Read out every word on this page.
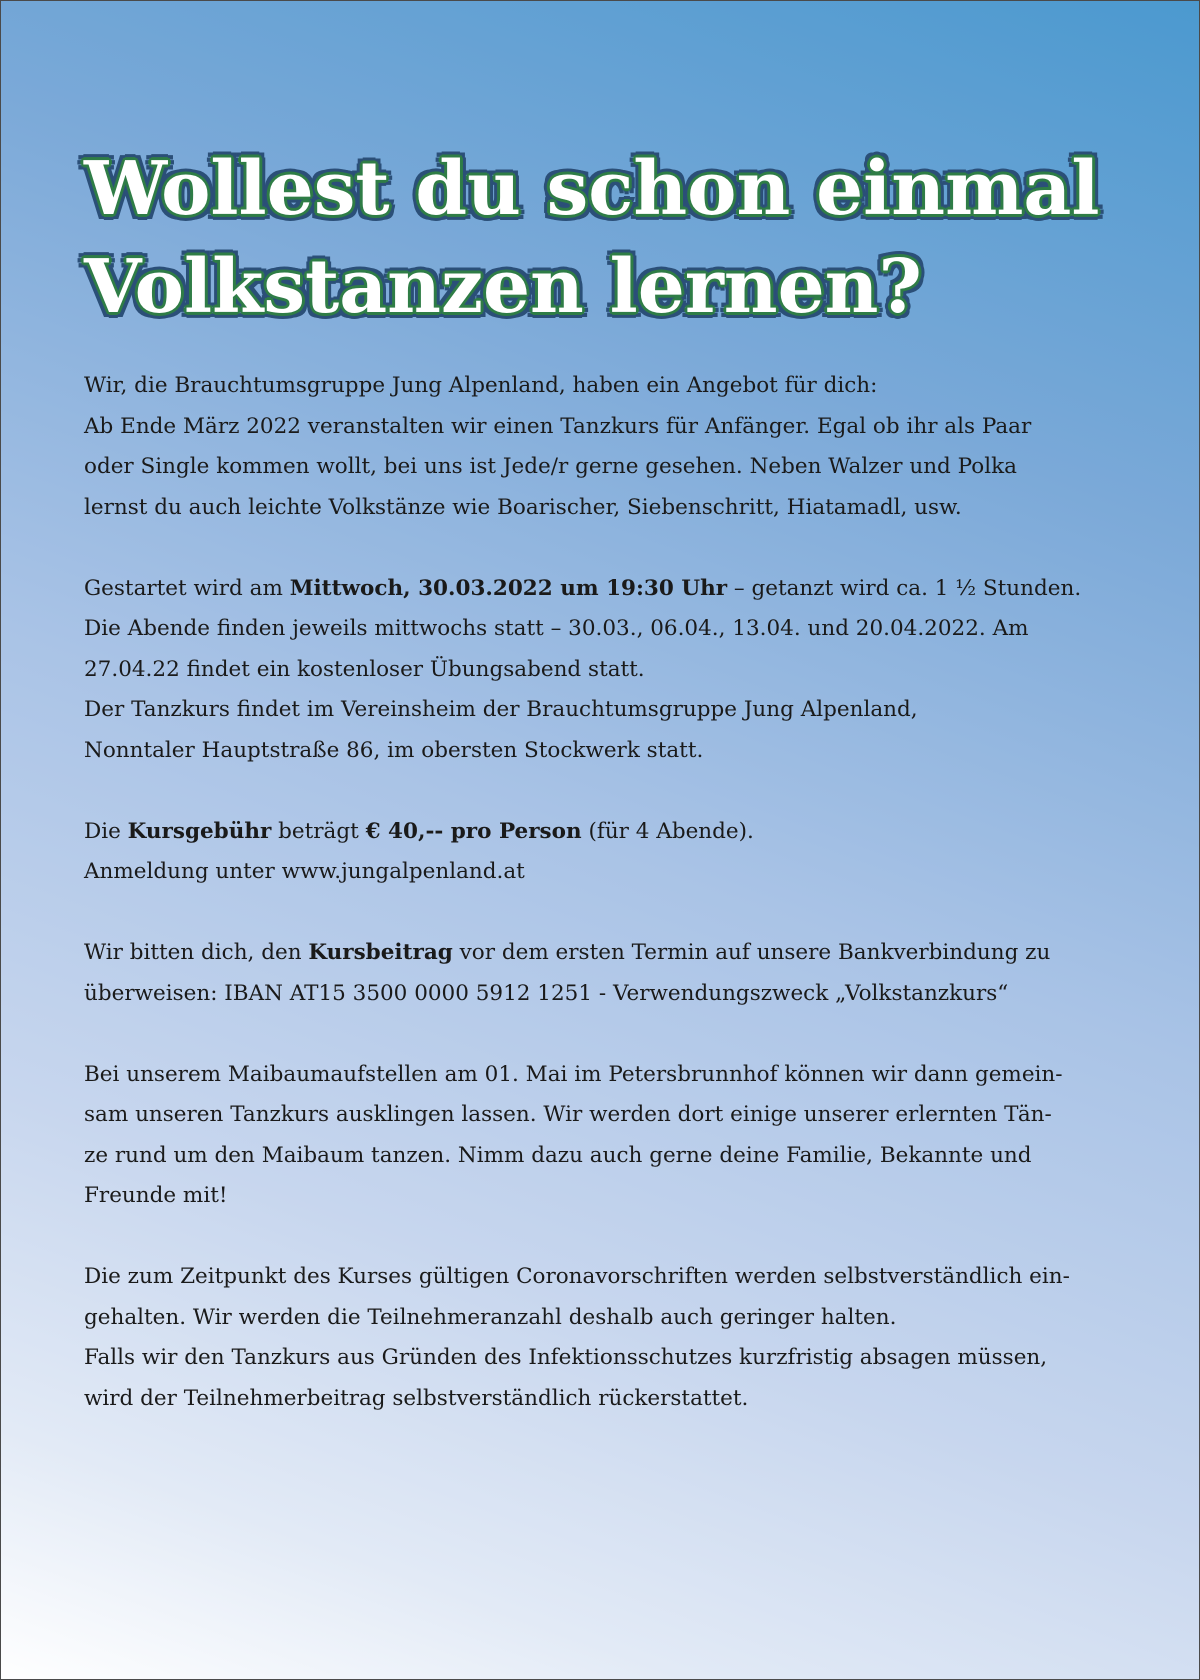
Wollest du schon einmal
Volkstanzen lernen?

Wir, die Brauchtumsgruppe Jung Alpenland, haben ein Angebot für dich:
Ab Ende März 2022 veranstalten wir einen Tanzkurs für Anfänger. Egal ob ihr als Paar
oder Single kommen wollt, bei uns ist Jede/r gerne gesehen. Neben Walzer und Polka
lernst du auch leichte Volkstänze wie Boarischer, Siebenschritt, Hiatamadl, usw.

Gestartet wird am Mittwoch, 30.03.2022 um 19:30 Uhr – getanzt wird ca. 1 ½ Stunden.
Die Abende finden jeweils mittwochs statt – 30.03., 06.04., 13.04. und 20.04.2022. Am
27.04.22 findet ein kostenloser Übungsabend statt.
Der Tanzkurs findet im Vereinsheim der Brauchtumsgruppe Jung Alpenland,
Nonntaler Hauptstraße 86, im obersten Stockwerk statt.

Die Kursgebühr beträgt € 40,-- pro Person (für 4 Abende).
Anmeldung unter www.jungalpenland.at

Wir bitten dich, den Kursbeitrag vor dem ersten Termin auf unsere Bankverbindung zu
überweisen: IBAN AT15 3500 0000 5912 1251 - Verwendungszweck „Volkstanzkurs“

Bei unserem Maibaumaufstellen am 01. Mai im Petersbrunnhof können wir dann gemein-
sam unseren Tanzkurs ausklingen lassen. Wir werden dort einige unserer erlernten Tän-
ze rund um den Maibaum tanzen. Nimm dazu auch gerne deine Familie, Bekannte und
Freunde mit!

Die zum Zeitpunkt des Kurses gültigen Coronavorschriften werden selbstverständlich ein-
gehalten. Wir werden die Teilnehmeranzahl deshalb auch geringer halten.
Falls wir den Tanzkurs aus Gründen des Infektionsschutzes kurzfristig absagen müssen,
wird der Teilnehmerbeitrag selbstverständlich rückerstattet.
